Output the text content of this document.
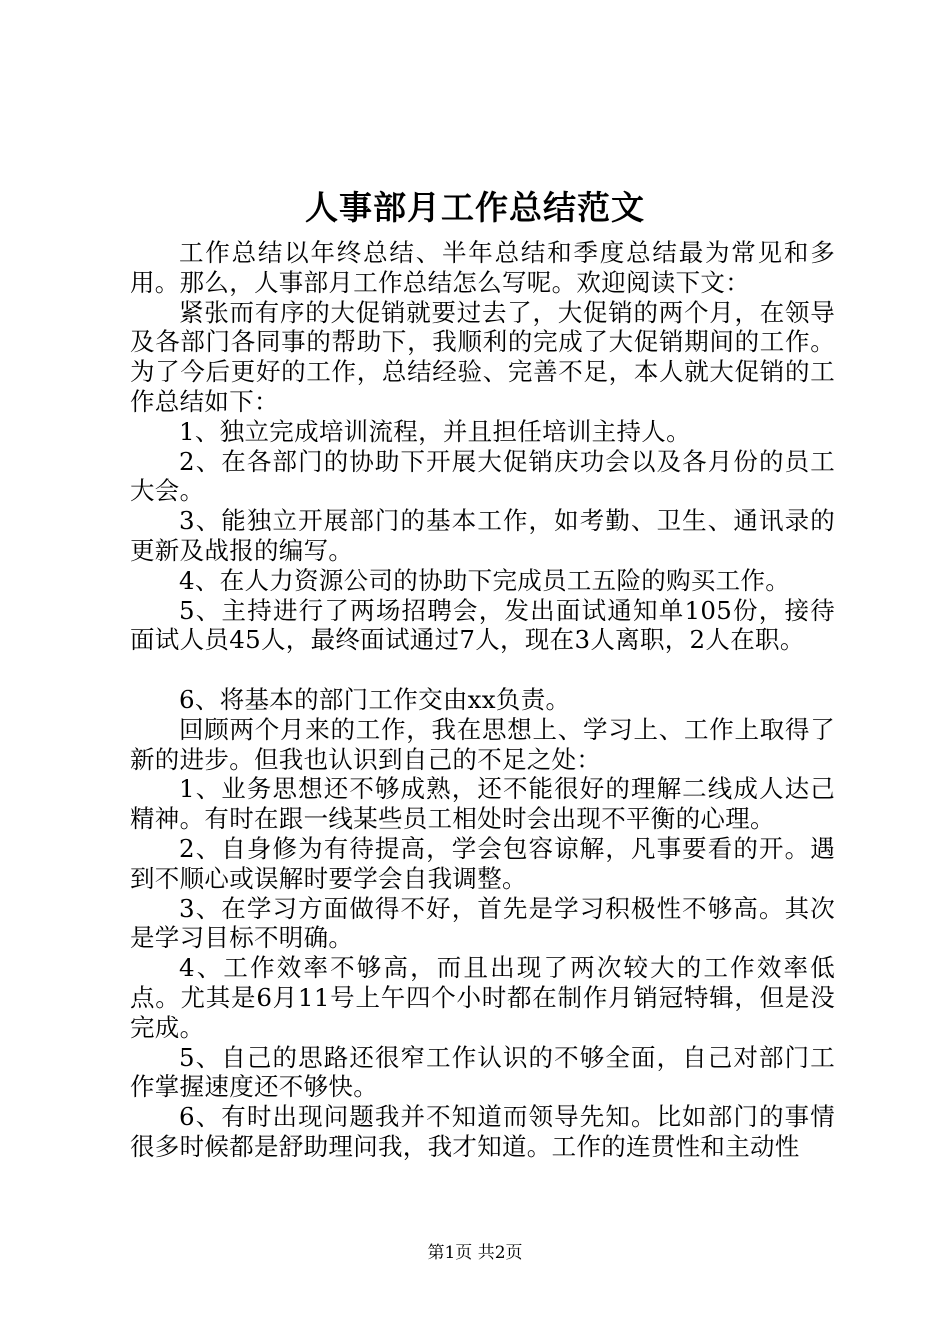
人事部月工作总结范文

工作总结以年终总结、半年总结和季度总结最为常见和多用。那么，人事部月工作总结怎么写呢。欢迎阅读下文：

紧张而有序的大促销就要过去了，大促销的两个月，在领导及各部门各同事的帮助下，我顺利的完成了大促销期间的工作。为了今后更好的工作，总结经验、完善不足，本人就大促销的工作总结如下：

1、独立完成培训流程，并且担任培训主持人。

2、在各部门的协助下开展大促销庆功会以及各月份的员工大会。

3、能独立开展部门的基本工作，如考勤、卫生、通讯录的更新及战报的编写。

4、在人力资源公司的协助下完成员工五险的购买工作。

5、主持进行了两场招聘会，发出面试通知单105份，接待面试人员45人，最终面试通过7人，现在3人离职，2人在职。

6、将基本的部门工作交由xx负责。

回顾两个月来的工作，我在思想上、学习上、工作上取得了新的进步。但我也认识到自己的不足之处：

1、业务思想还不够成熟，还不能很好的理解二线成人达己精神。有时在跟一线某些员工相处时会出现不平衡的心理。

2、自身修为有待提高，学会包容谅解，凡事要看的开。遇到不顺心或误解时要学会自我调整。

3、在学习方面做得不好，首先是学习积极性不够高。其次是学习目标不明确。

4、工作效率不够高，而且出现了两次较大的工作效率低点。尤其是6月11号上午四个小时都在制作月销冠特辑，但是没完成。

5、自己的思路还很窄工作认识的不够全面，自己对部门工作掌握速度还不够快。

6、有时出现问题我并不知道而领导先知。比如部门的事情很多时候都是舒助理问我，我才知道。工作的连贯性和主动性

第1页 共2页
